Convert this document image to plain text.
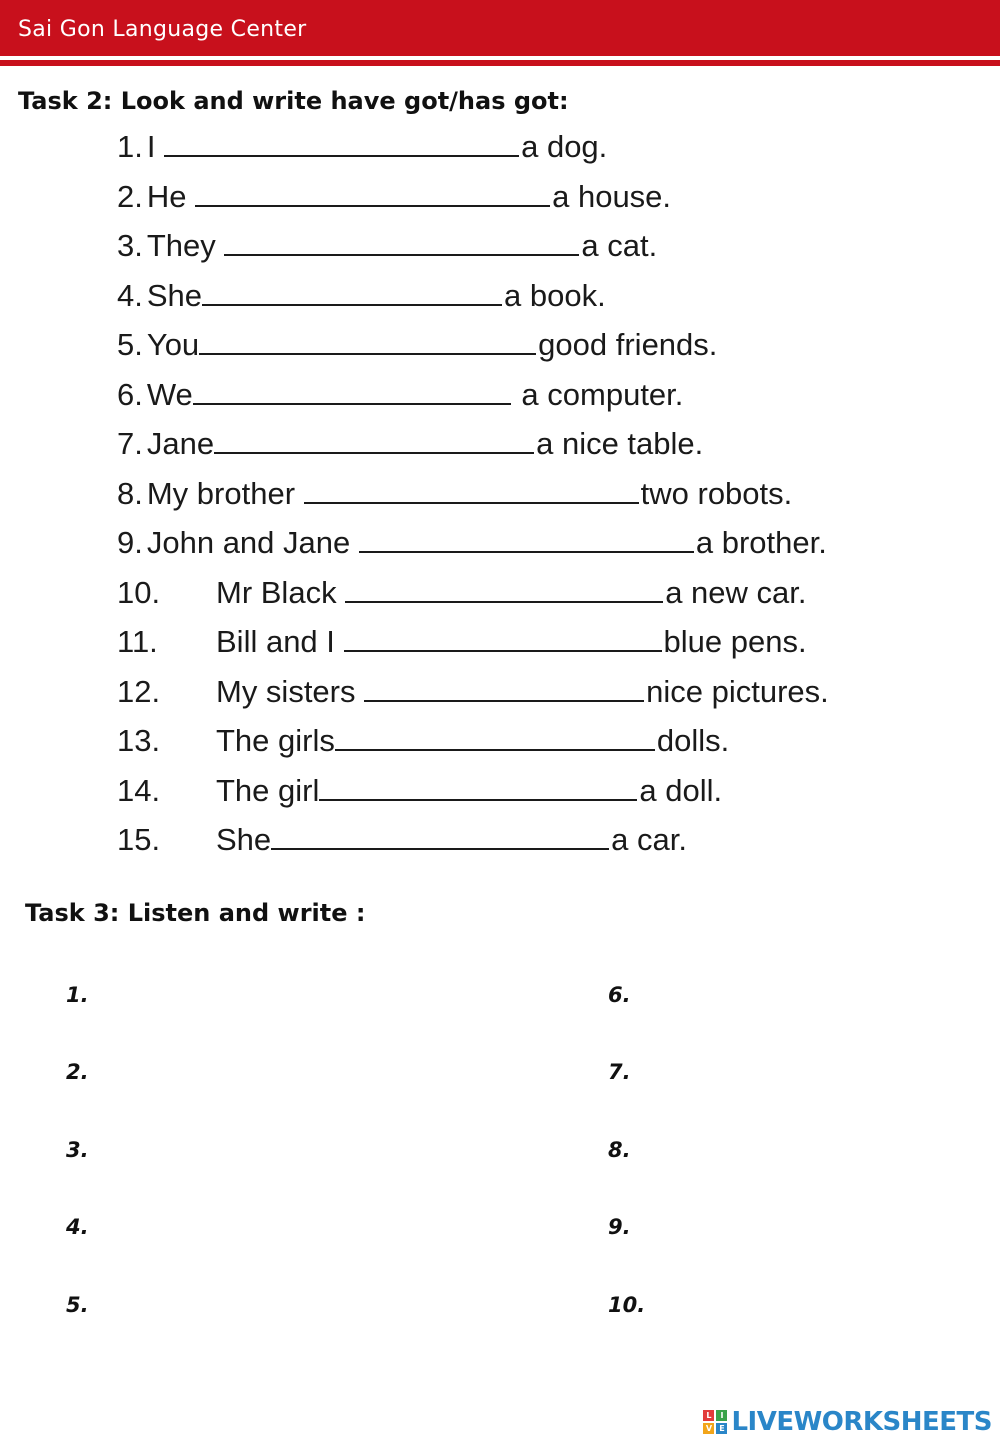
Sai Gon Language Center
Task 2: Look and write have got/has got:
1. I	a dog.
2. He	a house.
3. They	a cat.
4. She	a book.
5. You	good friends.
6. We	a computer.
7. Jane	a nice table.
8. My brother	two robots.
9. John and Jane	a brother.
10. Mr Black	a new car.
11. Bill and I	blue pens.
12. My sisters	nice pictures.
13. The girls	dolls.
14. The girl	a doll.
15. She	a car.
Task 3: Listen and write :
1.
2.
3.
4.
5.
6.
7.
8.
9.
10.
L	I
V E LIVEWORKSHEETS
